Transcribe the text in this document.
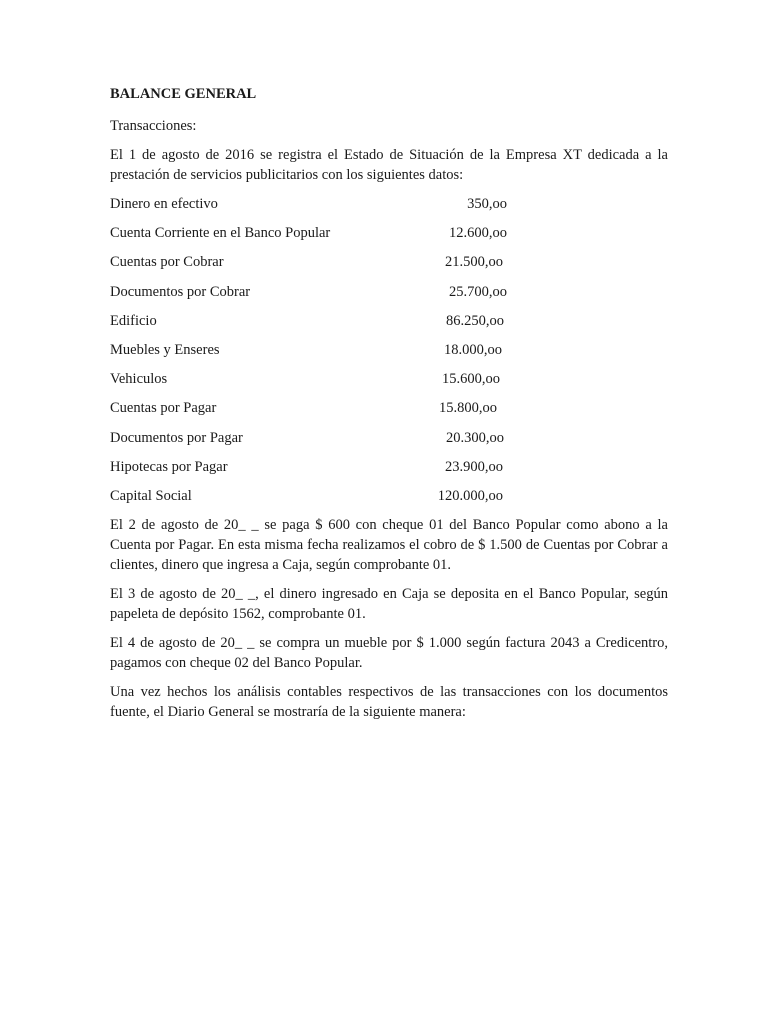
BALANCE GENERAL
Transacciones:
El 1 de agosto de 2016 se registra el Estado de Situación de la Empresa XT dedicada a la prestación de servicios publicitarios con los siguientes datos:
Dinero en efectivo	350,oo
Cuenta Corriente en el Banco Popular	12.600,oo
Cuentas por Cobrar	21.500,oo
Documentos por Cobrar	25.700,oo
Edificio	86.250,oo
Muebles y Enseres	18.000,oo
Vehiculos	15.600,oo
Cuentas por Pagar	15.800,oo
Documentos por Pagar	20.300,oo
Hipotecas por Pagar	23.900,oo
Capital Social	120.000,oo
El 2 de agosto de 20_ _ se paga $ 600 con cheque 01 del Banco Popular como abono a la Cuenta por Pagar. En esta misma fecha realizamos el cobro de $ 1.500 de Cuentas por Cobrar a clientes, dinero que ingresa a Caja, según comprobante 01.
El 3 de agosto de 20_ _, el dinero ingresado en Caja se deposita en el Banco Popular, según papeleta de depósito 1562, comprobante 01.
El 4 de agosto de 20_ _ se compra un mueble por $ 1.000 según factura 2043 a Credicentro, pagamos con cheque 02 del Banco Popular.
Una vez hechos los análisis contables respectivos de las transacciones con los documentos fuente, el Diario General se mostraría de la siguiente manera:
